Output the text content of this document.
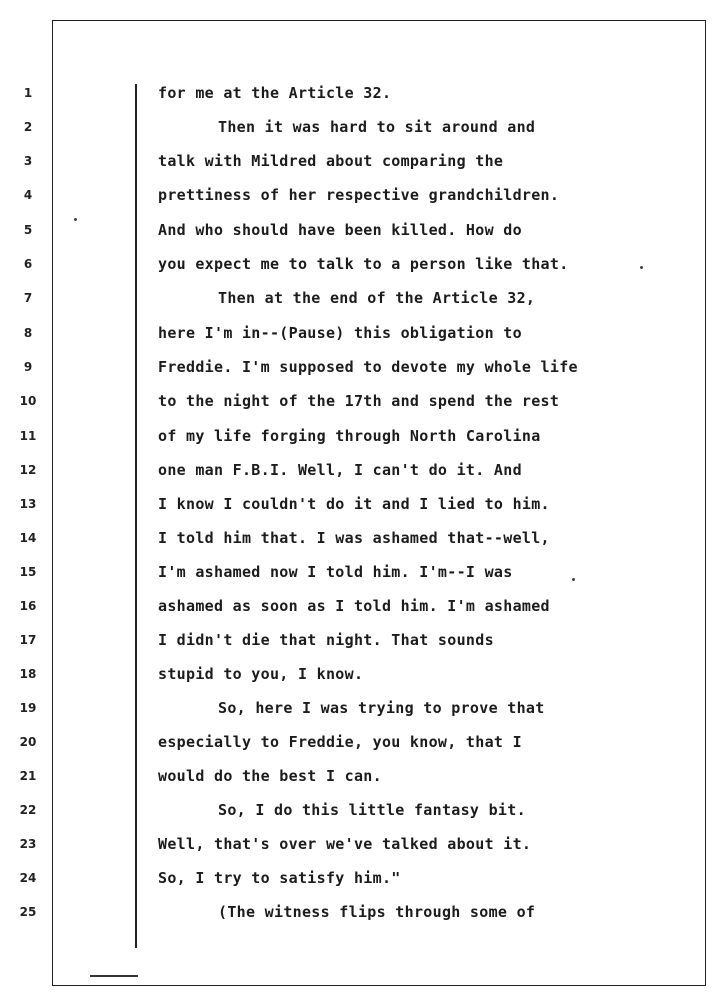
1
2
3
4
5
6
7
8
9
10
11
12
13
14
15
16
17
18
19
20
21
22
23
24
25
for me at the Article 32.
Then it was hard to sit around and
talk with Mildred about comparing the
prettiness of her respective grandchildren.
And who should have been killed. How do
you expect me to talk to a person like that.
Then at the end of the Article 32,
here I'm in--(Pause) this obligation to
Freddie. I'm supposed to devote my whole life
to the night of the 17th and spend the rest
of my life forging through North Carolina
one man F.B.I. Well, I can't do it. And
I know I couldn't do it and I lied to him.
I told him that. I was ashamed that--well,
I'm ashamed now I told him. I'm--I was
ashamed as soon as I told him. I'm ashamed
I didn't die that night. That sounds
stupid to you, I know.
So, here I was trying to prove that
especially to Freddie, you know, that I
would do the best I can.
So, I do this little fantasy bit.
Well, that's over we've talked about it.
So, I try to satisfy him."
(The witness flips through some of
